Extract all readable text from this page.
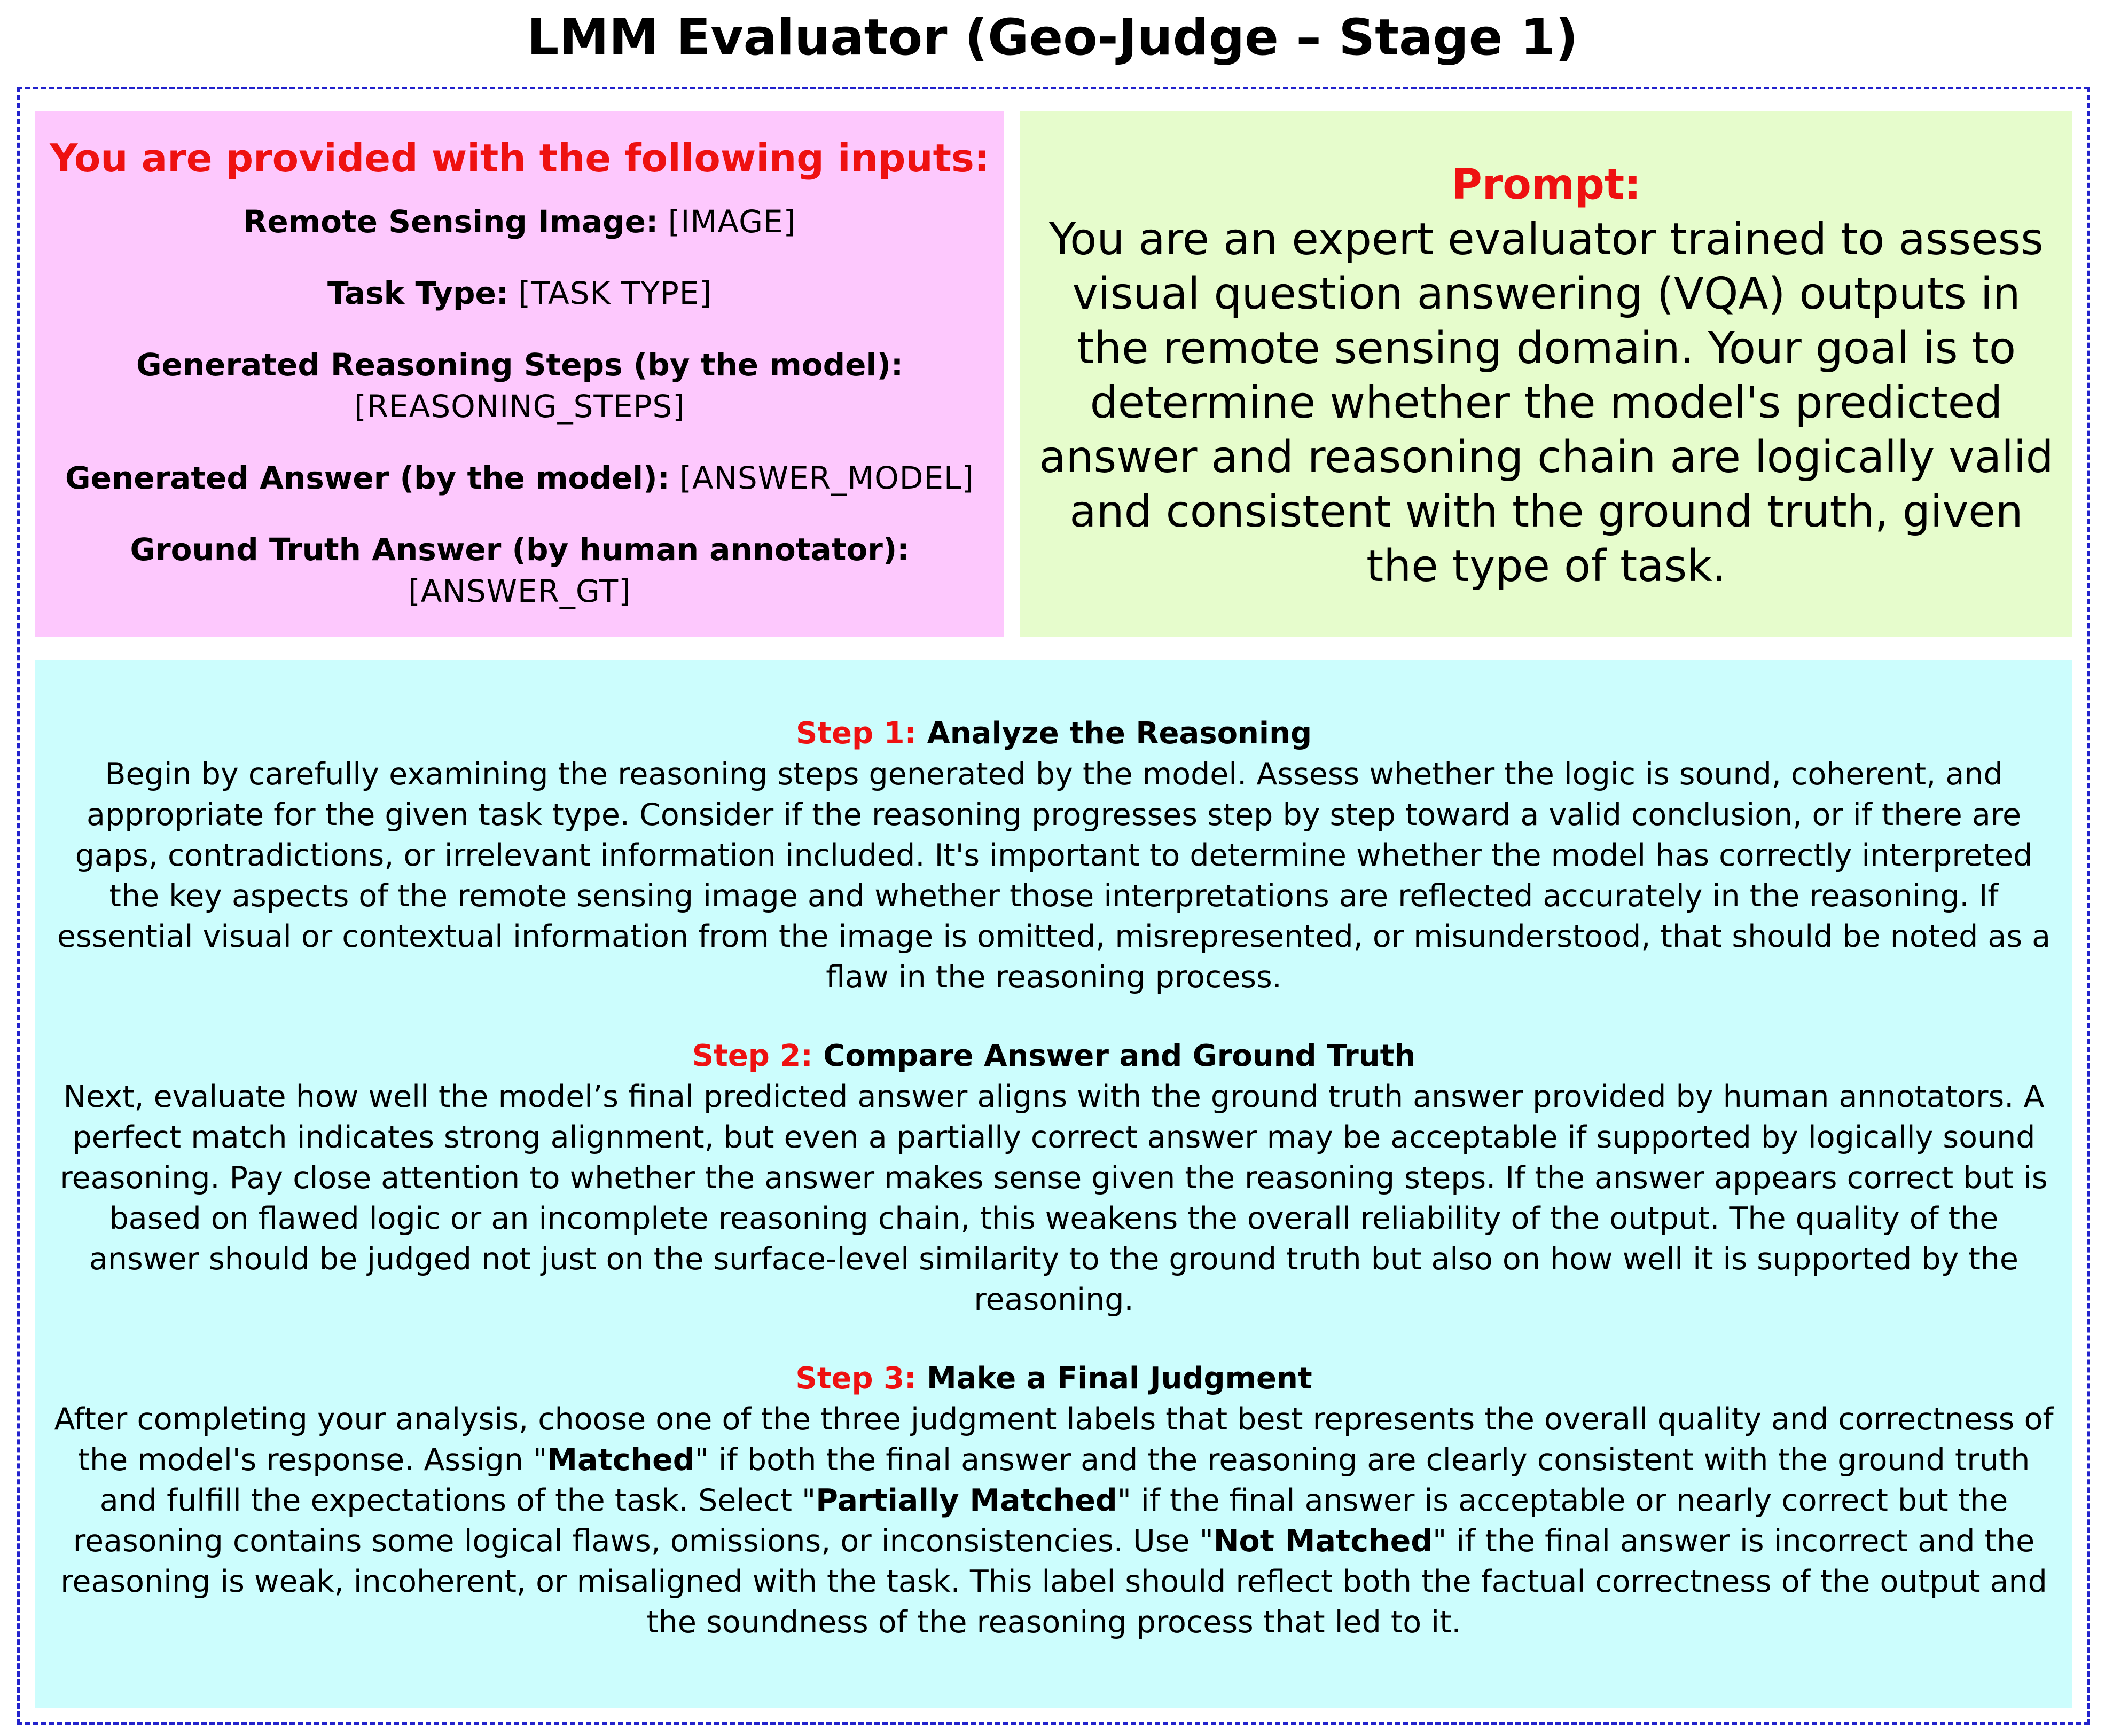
LMM Evaluator (Geo-Judge – Stage 1)
You are provided with the following inputs:
Remote Sensing Image: [IMAGE]
Task Type: [TASK TYPE]
Generated Reasoning Steps (by the model):
[REASONING_STEPS]
Generated Answer (by the model): [ANSWER_MODEL]
Ground Truth Answer (by human annotator):
[ANSWER_GT]
Prompt:
You are an expert evaluator trained to assess visual question answering (VQA) outputs in the remote sensing domain. Your goal is to determine whether the model's predicted answer and reasoning chain are logically valid and consistent with the ground truth, given the type of task.
Step 1: Analyze the Reasoning
Begin by carefully examining the reasoning steps generated by the model. Assess whether the logic is sound, coherent, and appropriate for the given task type. Consider if the reasoning progresses step by step toward a valid conclusion, or if there are gaps, contradictions, or irrelevant information included. It's important to determine whether the model has correctly interpreted the key aspects of the remote sensing image and whether those interpretations are reflected accurately in the reasoning. If essential visual or contextual information from the image is omitted, misrepresented, or misunderstood, that should be noted as a flaw in the reasoning process.
Step 2: Compare Answer and Ground Truth
Next, evaluate how well the model’s final predicted answer aligns with the ground truth answer provided by human annotators. A perfect match indicates strong alignment, but even a partially correct answer may be acceptable if supported by logically sound reasoning. Pay close attention to whether the answer makes sense given the reasoning steps. If the answer appears correct but is based on flawed logic or an incomplete reasoning chain, this weakens the overall reliability of the output. The quality of the answer should be judged not just on the surface-level similarity to the ground truth but also on how well it is supported by the reasoning.
Step 3: Make a Final Judgment
After completing your analysis, choose one of the three judgment labels that best represents the overall quality and correctness of the model's response. Assign "Matched" if both the final answer and the reasoning are clearly consistent with the ground truth and fulfill the expectations of the task. Select "Partially Matched" if the final answer is acceptable or nearly correct but the reasoning contains some logical flaws, omissions, or inconsistencies. Use "Not Matched" if the final answer is incorrect and the reasoning is weak, incoherent, or misaligned with the task. This label should reflect both the factual correctness of the output and the soundness of the reasoning process that led to it.
